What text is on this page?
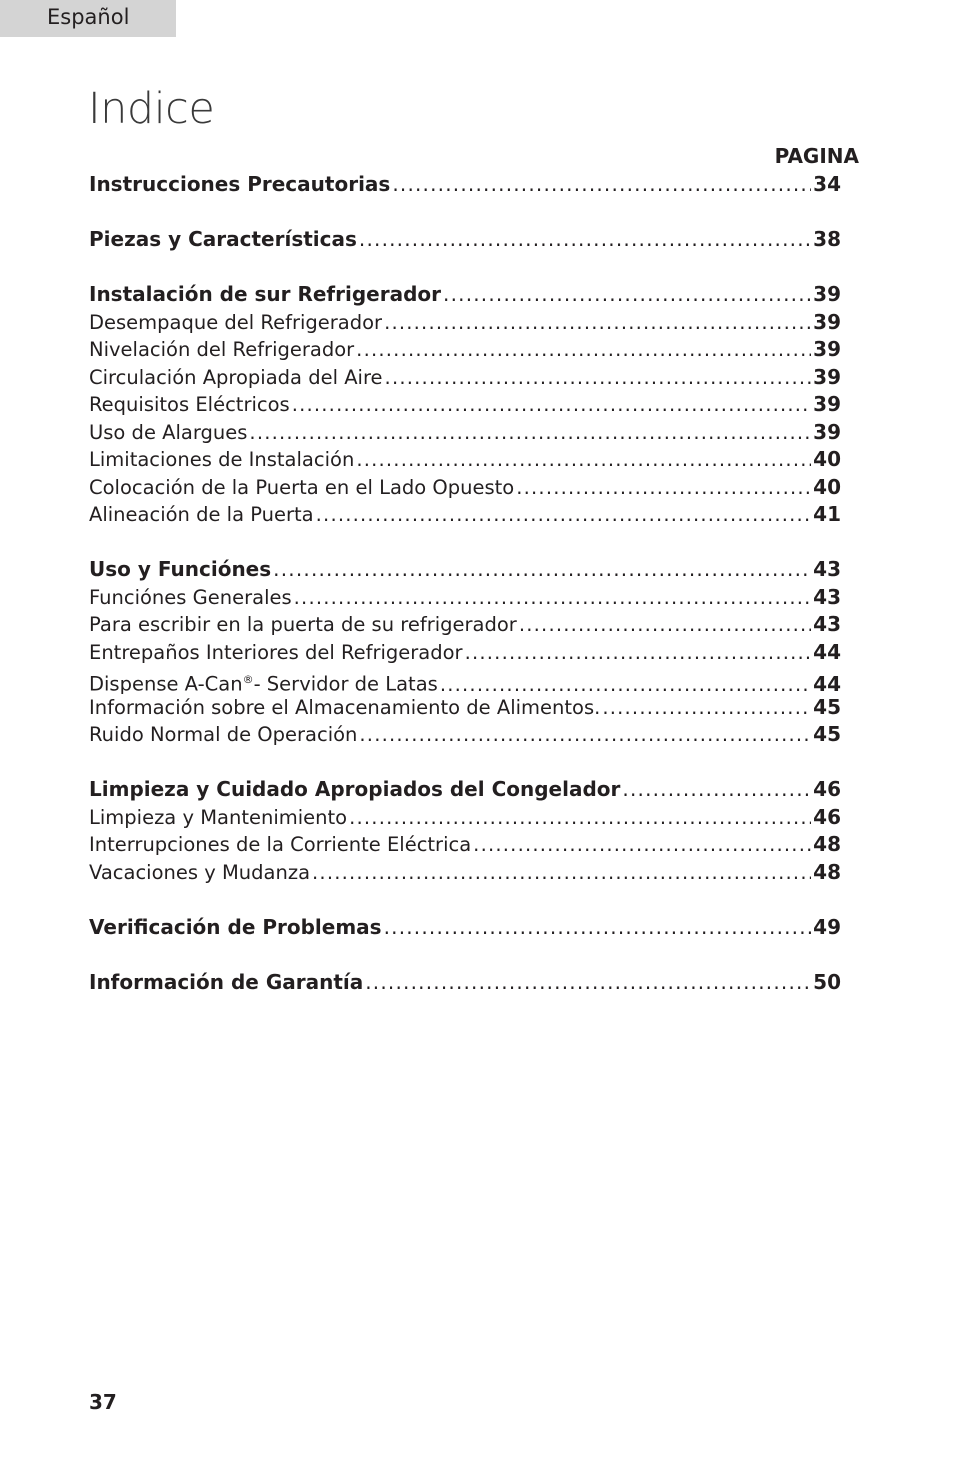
Español
Indice
PAGINA
Instrucciones Precautorias .....	34
Piezas y Características .....	38
Instalación de sur Refrigerador .....	39
Desempaque del Refrigerador .....	39
Nivelación del Refrigerador .....	39
Circulación Apropiada del Aire .....	39
Requisitos Eléctricos .....	39
Uso de Alargues .....	39
Limitaciones de Instalación .....	40
Colocación de la Puerta en el Lado Opuesto .....	40
Alineación de la Puerta .....	41
Uso y Funciónes .....	43
Funciónes Generales .....	43
Para escribir en la puerta de su refrigerador .....	43
Entrepaños Interiores del Refrigerador .....	44
Dispense A-Can®- Servidor de Latas .....	44
Información sobre el Almacenamiento de Alimentos. .....	45
Ruido Normal de Operación .....	45
Limpieza y Cuidado Apropiados del Congelador .....	46
Limpieza y Mantenimiento .....	46
Interrupciones de la Corriente Eléctrica .....	48
Vacaciones y Mudanza .....	48
Verificación de Problemas .....	49
Información de Garantía .....	50
37
